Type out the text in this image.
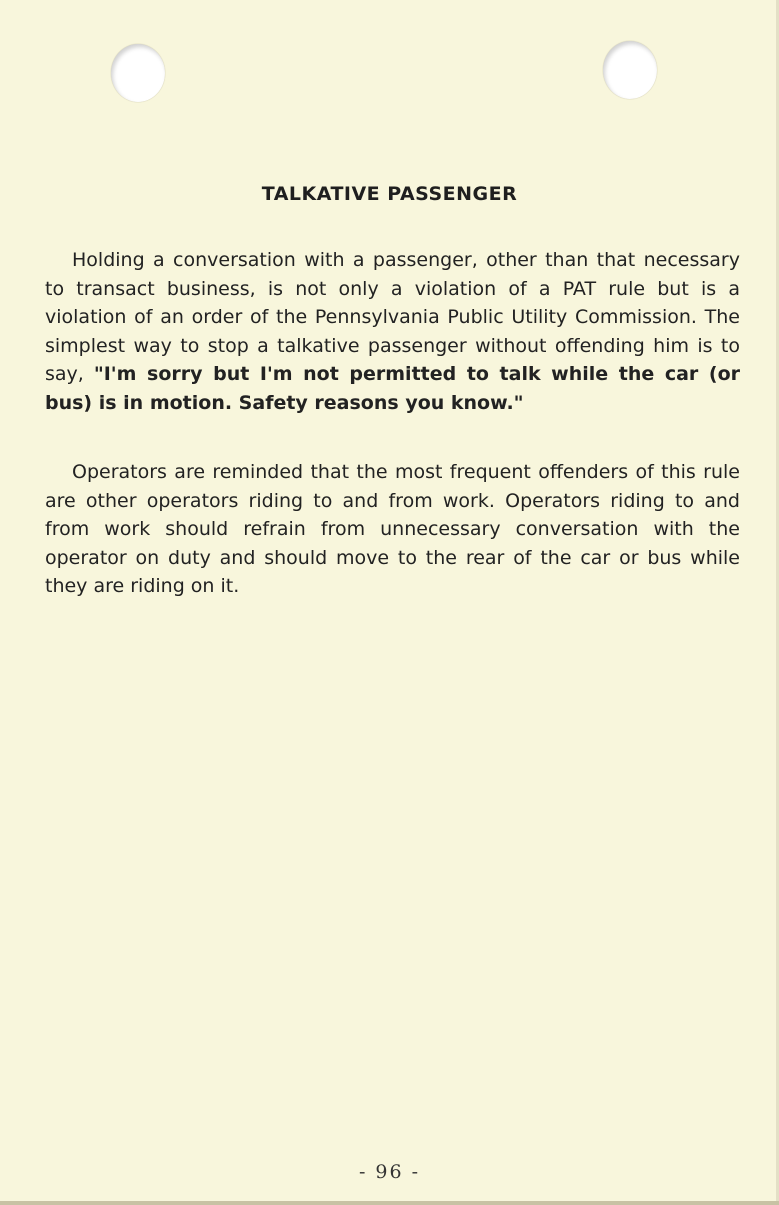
TALKATIVE PASSENGER

Holding a conversation with a passenger, other than that necessary to transact business, is not only a violation of a PAT rule but is a violation of an order of the Pennsylvania Public Utility Commission. The simplest way to stop a talkative passenger without offending him is to say, "I'm sorry but I'm not permitted to talk while the car (or bus) is in motion. Safety reasons you know."

Operators are reminded that the most frequent offenders of this rule are other operators riding to and from work. Operators riding to and from work should refrain from unnecessary conversation with the operator on duty and should move to the rear of the car or bus while they are riding on it.

- 96 -
